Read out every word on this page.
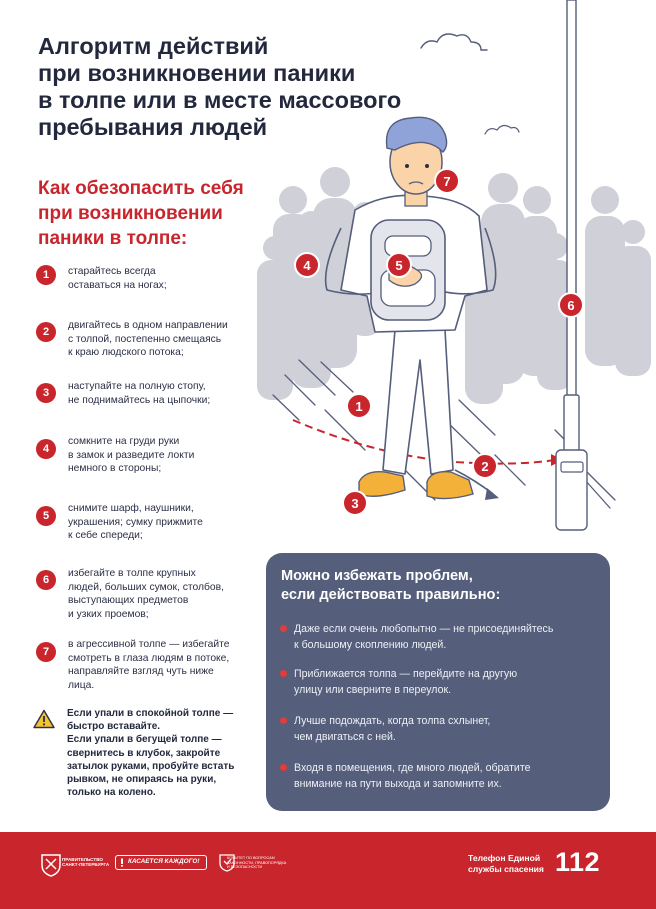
Алгоритм действий
при возникновении паники
в толпе или в месте массового
пребывания людей
Как обезопасить себя
при возникновении
паники в толпе:
1	старайтесь всегда
оставаться на ногах;
2
двигайтесь в одном направлении
с толпой, постепенно смещаясь
к краю людского потока;
3
наступайте на полную стопу,
не поднимайтесь на цыпочки;
4
сомкните на груди руки
в замок и разведите локти
немного в стороны;
5
снимите шарф, наушники,
украшения; сумку прижмите
к себе спереди;
6
избегайте в толпе крупных
людей, больших сумок, столбов,
выступающих предметов
и узких проемов;
7
в агрессивной толпе — избегайте
смотреть в глаза людям в потоке,
направляйте взгляд чуть ниже
лица.
Если упали в спокойной толпе —
быстро вставайте.
Если упали в бегущей толпе —
свернитесь в клубок, закройте
затылок руками, пробуйте встать
рывком, не опираясь на руки,
только на колено.
7
4	5
6
1
2
3
Можно избежать проблем,
если действовать правильно:
Даже если очень любопытно — не присоединяйтесь
к большому скоплению людей.
Приближается толпа — перейдите на другую
улицу или сверните в переулок.
Лучше подождать, когда толпа схлынет,
чем двигаться с ней.
Входя в помещения, где много людей, обратите
внимание на пути выхода и запомните их.
ПРАВИТЕЛЬСТВО САНКТ-ПЕТЕРБУРГА	КАСАЕТСЯ КАЖДОГО!	КОМИТЕТ ПО ВОПРОСАМ ЗАКОННОСТИ, ПРАВОПОРЯДКА И БЕЗОПАСНОСТИ
Телефон Единой
службы спасения 112
